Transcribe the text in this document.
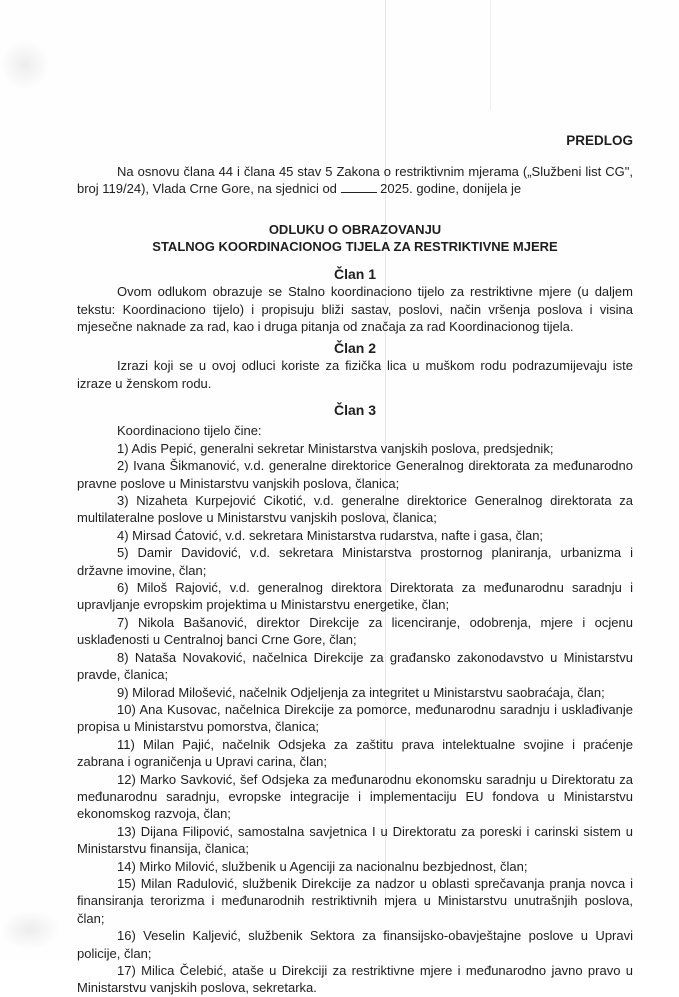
PREDLOG
Na osnovu člana 44 i člana 45 stav 5 Zakona o restriktivnim mjerama („Službeni list CG", broj 119/24), Vlada Crne Gore, na sjednici od	2025. godine, donijela je
ODLUKU O OBRAZOVANJU
STALNOG KOORDINACIONOG TIJELA ZA RESTRIKTIVNE MJERE

Član 1

Ovom odlukom obrazuje se Stalno koordinaciono tijelo za restriktivne mjere (u daljem tekstu: Koordinaciono tijelo) i propisuju bliži sastav, poslovi, način vršenja poslova i visina mjesečne naknade za rad, kao i druga pitanja od značaja za rad Koordinacionog tijela.

Član 2

Izrazi koji se u ovoj odluci koriste za fizička lica u muškom rodu podrazumijevaju iste izraze u ženskom rodu.

Član 3

Koordinaciono tijelo čine:

1) Adis Pepić, generalni sekretar Ministarstva vanjskih poslova, predsjednik;

2) Ivana Šikmanović, v.d. generalne direktorice Generalnog direktorata za međunarodno pravne poslove u Ministarstvu vanjskih poslova, članica;

3) Nizaheta Kurpejović Cikotić, v.d. generalne direktorice Generalnog direktorata za multilateralne poslove u Ministarstvu vanjskih poslova, članica;

4) Mirsad Ćatović, v.d. sekretara Ministarstva rudarstva, nafte i gasa, član;

5) Damir Davidović, v.d. sekretara Ministarstva prostornog planiranja, urbanizma i državne imovine, član;

6) Miloš Rajović, v.d. generalnog direktora Direktorata za međunarodnu saradnju i upravljanje evropskim projektima u Ministarstvu energetike, član;

7) Nikola Bašanović, direktor Direkcije za licenciranje, odobrenja, mjere i ocjenu usklađenosti u Centralnoj banci Crne Gore, član;

8) Nataša Novaković, načelnica Direkcije za građansko zakonodavstvo u Ministarstvu pravde, članica;

9) Milorad Milošević, načelnik Odjeljenja za integritet u Ministarstvu saobraćaja, član;

10) Ana Kusovac, načelnica Direkcije za pomorce, međunarodnu saradnju i usklađivanje propisa u Ministarstvu pomorstva, članica;

11) Milan Pajić, načelnik Odsjeka za zaštitu prava intelektualne svojine i praćenje zabrana i ograničenja u Upravi carina, član;

12) Marko Savković, šef Odsjeka za međunarodnu ekonomsku saradnju u Direktoratu za međunarodnu saradnju, evropske integracije i implementaciju EU fondova u Ministarstvu ekonomskog razvoja, član;

13) Dijana Filipović, samostalna savjetnica I u Direktoratu za poreski i carinski sistem u Ministarstvu finansija, članica;

14) Mirko Milović, službenik u Agenciji za nacionalnu bezbjednost, član;

15) Milan Radulović, službenik Direkcije za nadzor u oblasti sprečavanja pranja novca i finansiranja terorizma i međunarodnih restriktivnih mjera u Ministarstvu unutrašnjih poslova, član;

16) Veselin Kaljević, službenik Sektora za finansijsko-obavještajne poslove u Upravi policije, član;

17) Milica Čelebić, ataše u Direkciji za restriktivne mjere i međunarodno javno pravo u Ministarstvu vanjskih poslova, sekretarka.
